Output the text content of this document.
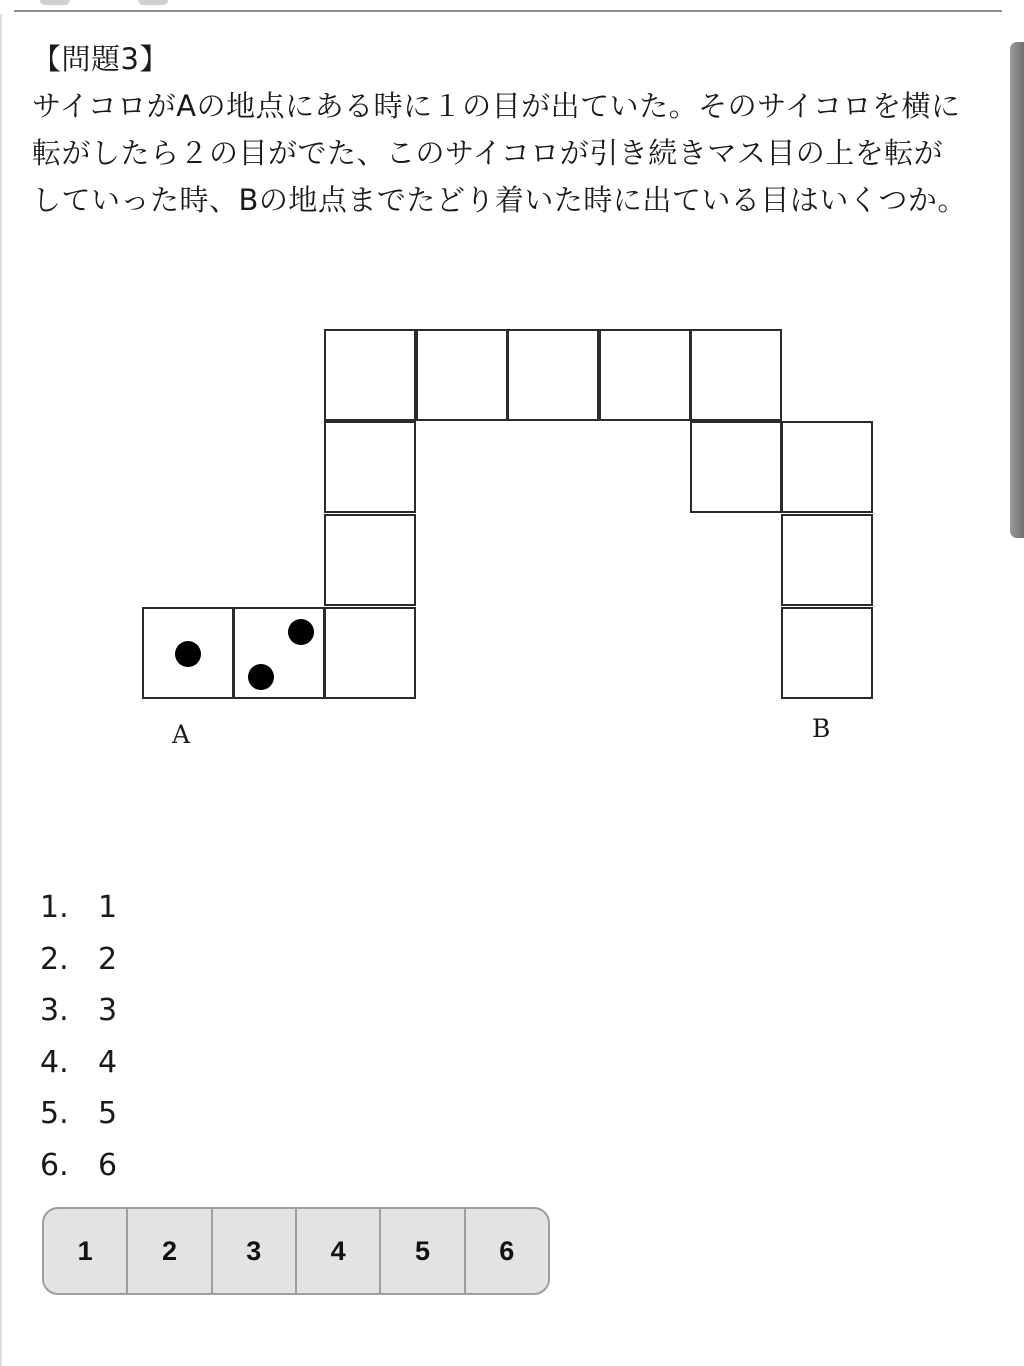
【問題3】
サイコロがAの地点にある時に１の目が出ていた。そのサイコロを横に転がしたら２の目がでた、このサイコロが引き続きマス目の上を転がしていった時、Bの地点までたどり着いた時に出ている目はいくつか。
A	B
1. 1
2. 2
3. 3
4. 4
5. 5
6. 6
1	2	3	4	5	6
